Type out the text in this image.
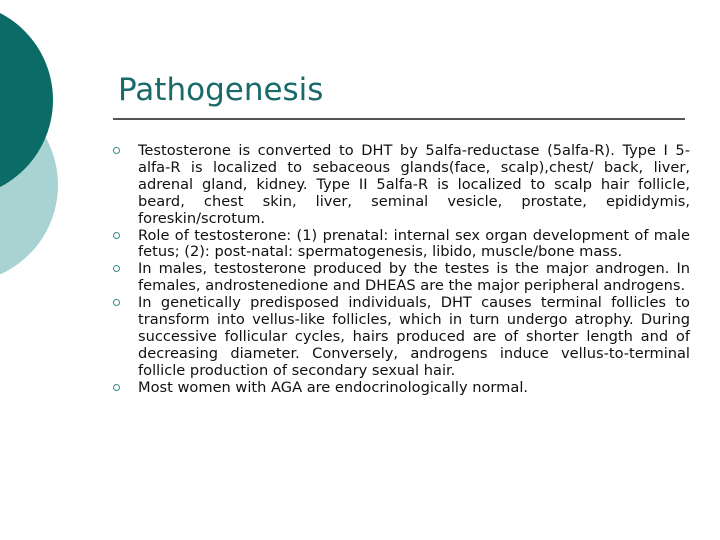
Pathogenesis
Testosterone is converted to DHT by 5alfa-reductase (5alfa-R). Type I 5-alfa-R is localized to sebaceous glands(face, scalp),chest/ back, liver, adrenal gland, kidney. Type II 5alfa-R is localized to scalp hair follicle, beard, chest skin, liver, seminal vesicle, prostate, epididymis, foreskin/scrotum.
Role of testosterone: (1) prenatal: internal sex organ development of male fetus; (2): post-natal: spermatogenesis, libido, muscle/bone mass.
In males, testosterone produced by the testes is the major androgen. In females, androstenedione and DHEAS are the major peripheral androgens.
In genetically predisposed individuals, DHT causes terminal follicles to transform into vellus-like follicles, which in turn undergo atrophy. During successive follicular cycles, hairs produced are of shorter length and of decreasing diameter. Conversely, androgens induce vellus-to-terminal follicle production of secondary sexual hair.
Most women with AGA are endocrinologically normal.
